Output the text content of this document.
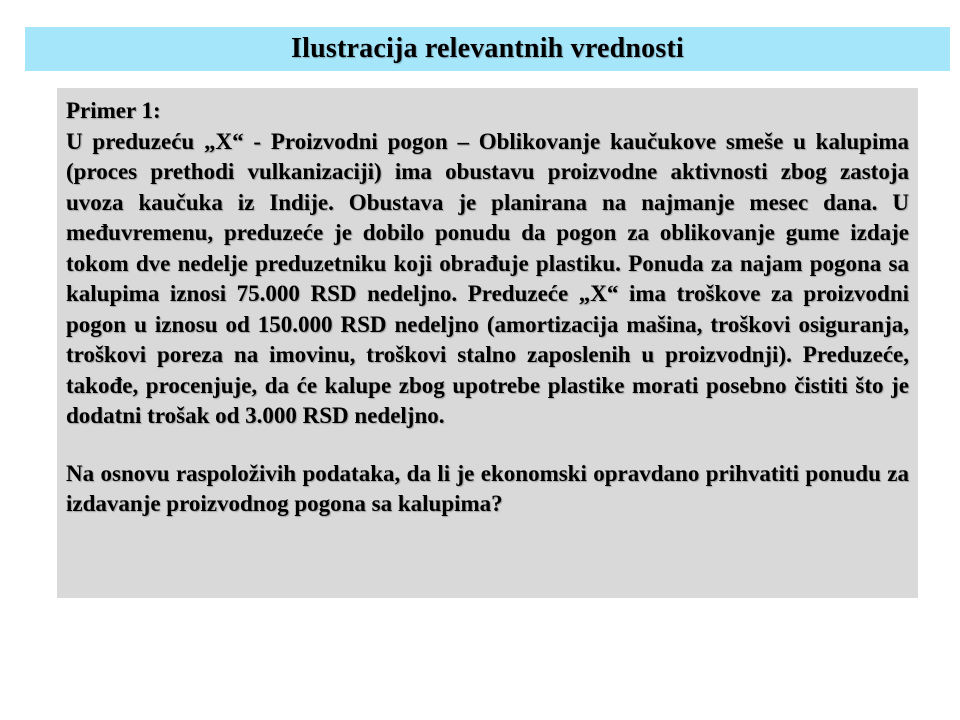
Ilustracija relevantnih vrednosti

Primer 1:

U preduzeću „X“ - Proizvodni pogon – Oblikovanje kaučukove smeše u kalupima (proces prethodi vulkanizaciji) ima obustavu proizvodne aktivnosti zbog zastoja uvoza kaučuka iz Indije. Obustava je planirana na najmanje mesec dana. U međuvremenu, preduzeće je dobilo ponudu da pogon za oblikovanje gume izdaje tokom dve nedelje preduzetniku koji obrađuje plastiku. Ponuda za najam pogona sa kalupima iznosi 75.000 RSD nedeljno. Preduzeće „X“ ima troškove za proizvodni pogon u iznosu od 150.000 RSD nedeljno (amortizacija mašina, troškovi osiguranja, troškovi poreza na imovinu, troškovi stalno zaposlenih u proizvodnji). Preduzeće, takođe, procenjuje, da će kalupe zbog upotrebe plastike morati posebno čistiti što je dodatni trošak od 3.000 RSD nedeljno.

Na osnovu raspoloživih podataka, da li je ekonomski opravdano prihvatiti ponudu za izdavanje proizvodnog pogona sa kalupima?
